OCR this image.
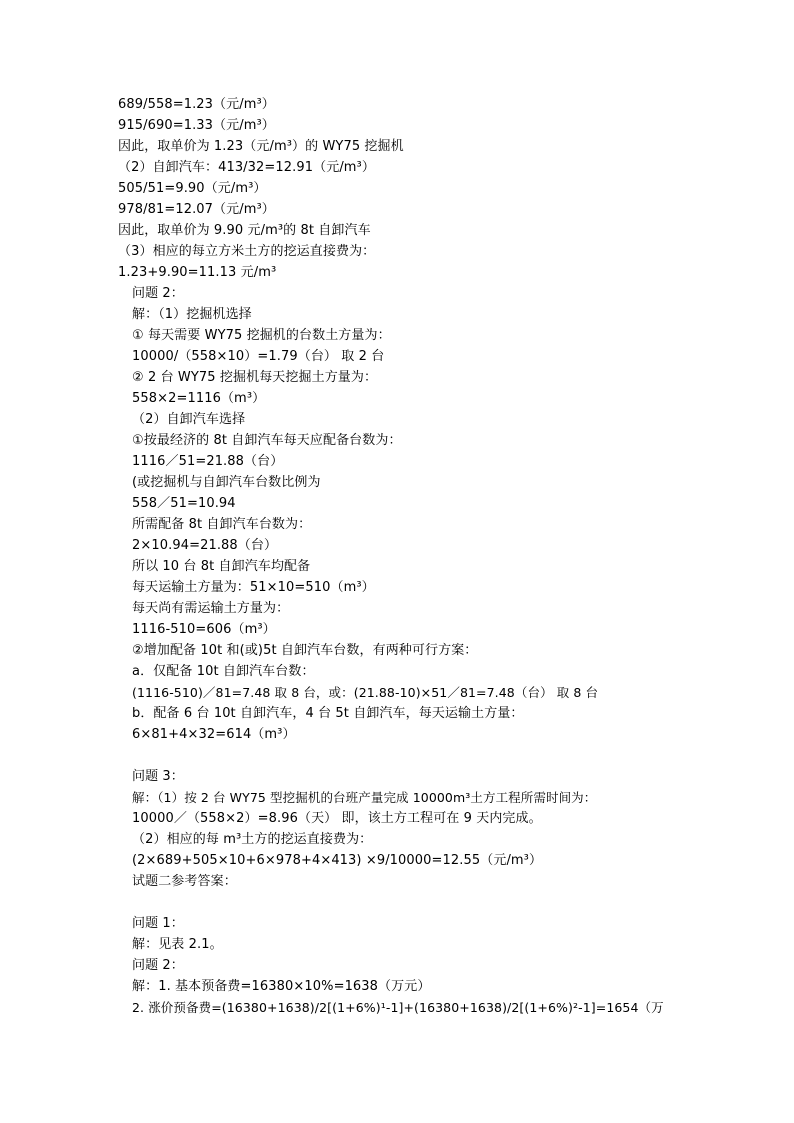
689/558=1.23（元/m³）
915/690=1.33（元/m³）
因此，取单价为 1.23（元/m³）的 WY75 挖掘机
（2）自卸汽车：413/32=12.91（元/m³）
505/51=9.90（元/m³）
978/81=12.07（元/m³）
因此，取单价为 9.90 元/m³的 8t 自卸汽车
（3）相应的每立方米土方的挖运直接费为：
1.23+9.90=11.13 元/m³
问题 2：
解：（1）挖掘机选择
① 每天需要 WY75 挖掘机的台数土方量为：
10000/（558×10）=1.79（台） 取 2 台
② 2 台 WY75 挖掘机每天挖掘土方量为：
558×2=1116（m³）
（2）自卸汽车选择
①按最经济的 8t 自卸汽车每天应配备台数为：
1116／51=21.88（台）
(或挖掘机与自卸汽车台数比例为
558／51=10.94
所需配备 8t 自卸汽车台数为：
2×10.94=21.88（台）
所以 10 台 8t 自卸汽车均配备
每天运输土方量为：51×10=510（m³）
每天尚有需运输土方量为：
1116-510=606（m³）
②增加配备 10t 和(或)5t 自卸汽车台数，有两种可行方案：
a．仅配备 10t 自卸汽车台数：
(1116-510)／81=7.48 取 8 台，或：(21.88-10)×51／81=7.48（台） 取 8 台
b．配备 6 台 10t 自卸汽车，4 台 5t 自卸汽车，每天运输土方量：
6×81+4×32=614（m³）
问题 3：
解：（1）按 2 台 WY75 型挖掘机的台班产量完成 10000m³土方工程所需时间为：
10000／（558×2）=8.96（天） 即，该土方工程可在 9 天内完成。
（2）相应的每 m³土方的挖运直接费为：
(2×689+505×10+6×978+4×413) ×9/10000=12.55（元/m³）
试题二参考答案：
问题 1：
解：见表 2.1。
问题 2：
解：1. 基本预备费=16380×10%=1638（万元）
2. 涨价预备费=(16380+1638)/2[(1+6%)¹-1]+(16380+1638)/2[(1+6%)²-1]=1654（万
